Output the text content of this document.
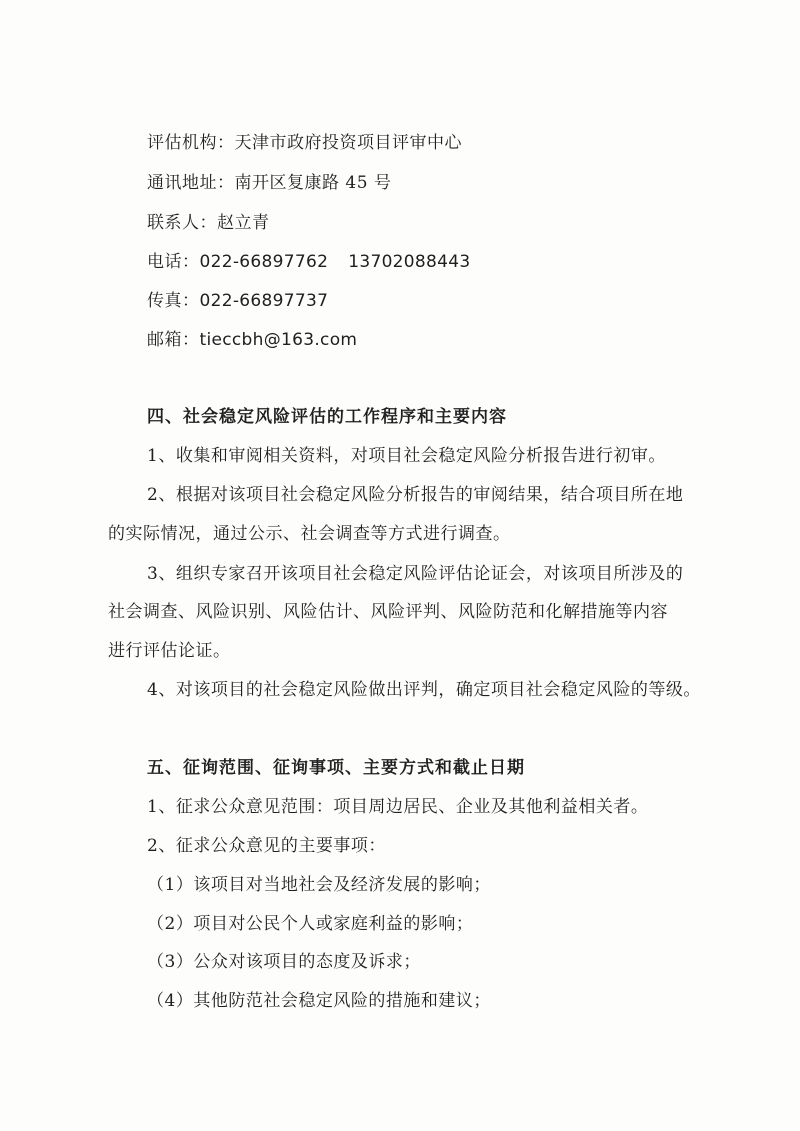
评估机构：天津市政府投资项目评审中心
通讯地址：南开区复康路 45 号
联系人：赵立青
电话：022-66897762 13702088443
传真：022-66897737
邮箱：tieccbh@163.com
四、社会稳定风险评估的工作程序和主要内容
1、收集和审阅相关资料，对项目社会稳定风险分析报告进行初审。
2、根据对该项目社会稳定风险分析报告的审阅结果，结合项目所在地
的实际情况，通过公示、社会调查等方式进行调查。
3、组织专家召开该项目社会稳定风险评估论证会，对该项目所涉及的
社会调查、风险识别、风险估计、风险评判、风险防范和化解措施等内容
进行评估论证。
4、对该项目的社会稳定风险做出评判，确定项目社会稳定风险的等级。
五、征询范围、征询事项、主要方式和截止日期
1、征求公众意见范围：项目周边居民、企业及其他利益相关者。
2、征求公众意见的主要事项：
（1）该项目对当地社会及经济发展的影响；
（2）项目对公民个人或家庭利益的影响；
（3）公众对该项目的态度及诉求；
（4）其他防范社会稳定风险的措施和建议；
